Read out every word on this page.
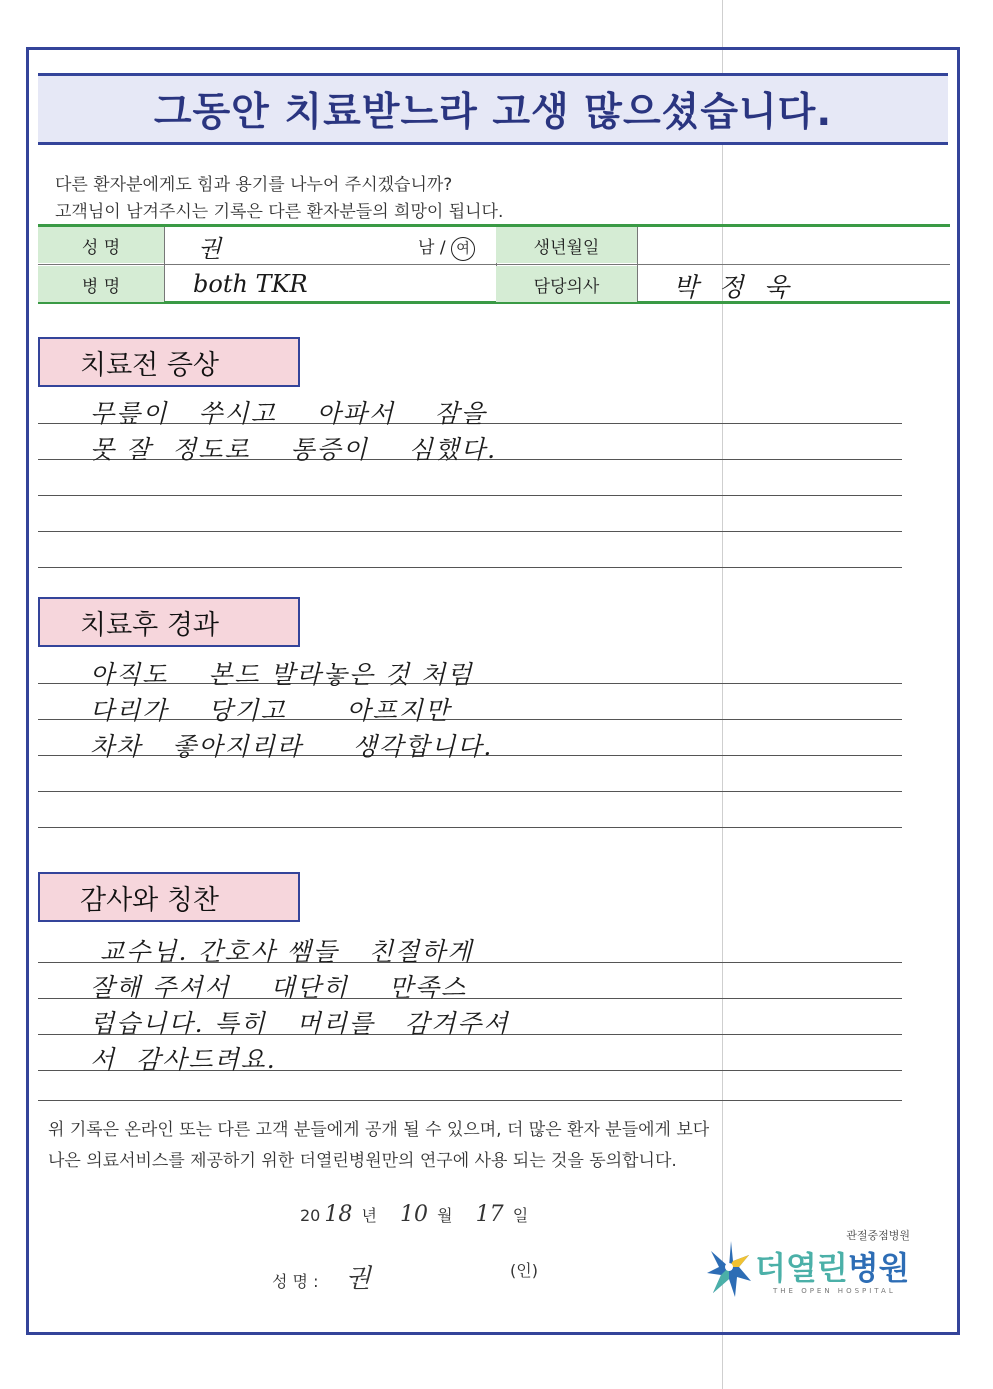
그동안 치료받느라 고생 많으셨습니다.
다른 환자분에게도 힘과 용기를 나누어 주시겠습니까?
고객님이 남겨주시는 기록은 다른 환자분들의 희망이 됩니다.
성 명	권	남 / 여	생년월일
병 명	both TKR	담당의사	박 정 욱
치료전 증상
무릎이   쑤시고    아파서    잠을
못 잘  정도로    통증이    심했다.
치료후 경과
아직도    본드 발라놓은 것 처럼
다리가    당기고      아프지만
차차   좋아지리라     생각합니다.
감사와 칭찬
교수님. 간호사 쌤들   친절하게
잘해 주셔서    대단히    만족스
럽습니다. 특히   머리를   감겨주셔
서  감사드려요.
위 기록은 온라인 또는 다른 고객 분들에게 공개 될 수 있으며, 더 많은 환자 분들에게 보다
나은 의료서비스를 제공하기 위한 더열린병원만의 연구에 사용 되는 것을 동의합니다.
20 18 년 10 월 17 일
성 명 : 권	(인)
관절중점병원
더열린병원
THE OPEN HOSPITAL
